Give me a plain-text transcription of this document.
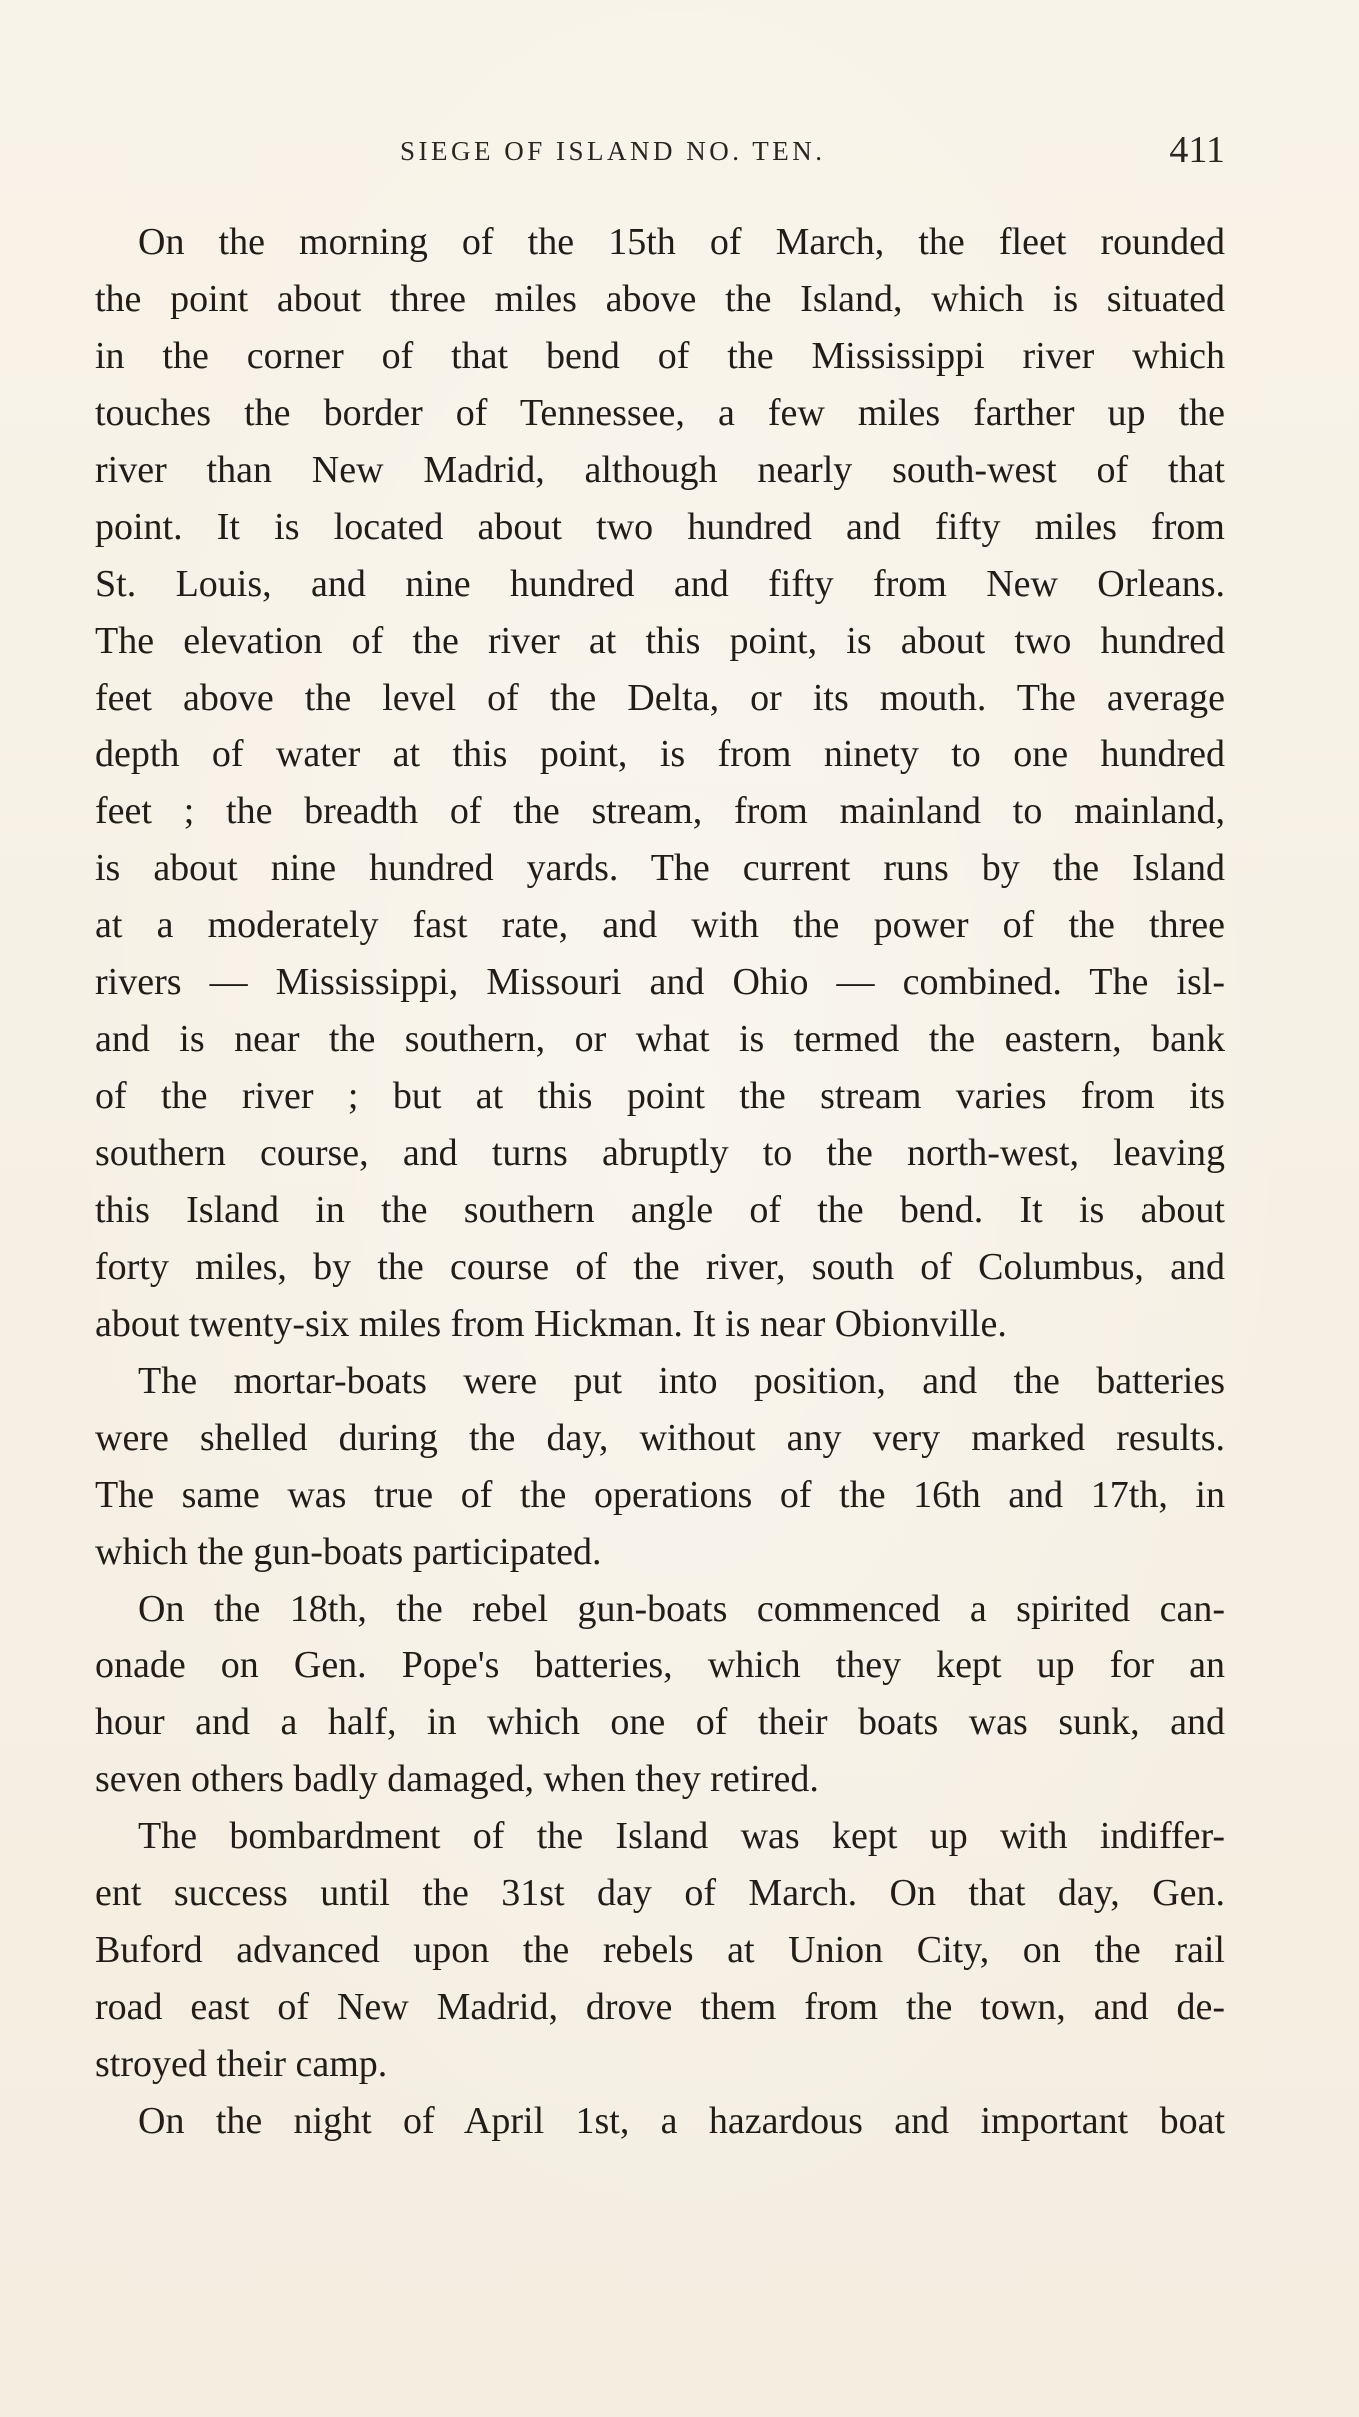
SIEGE OF ISLAND NO. TEN.	411
On the morning of the 15th of March, the fleet rounded
the point about three miles above the Island, which is situated
in the corner of that bend of the Mississippi river which
touches the border of Tennessee, a few miles farther up the
river than New Madrid, although nearly south-west of that
point. It is located about two hundred and fifty miles from
St. Louis, and nine hundred and fifty from New Orleans.
The elevation of the river at this point, is about two hundred
feet above the level of the Delta, or its mouth. The average
depth of water at this point, is from ninety to one hundred
feet ; the breadth of the stream, from mainland to mainland,
is about nine hundred yards. The current runs by the Island
at a moderately fast rate, and with the power of the three
rivers — Mississippi, Missouri and Ohio — combined. The isl-
and is near the southern, or what is termed the eastern, bank
of the river ; but at this point the stream varies from its
southern course, and turns abruptly to the north-west, leaving
this Island in the southern angle of the bend. It is about
forty miles, by the course of the river, south of Columbus, and
about twenty-six miles from Hickman. It is near Obionville.
The mortar-boats were put into position, and the batteries
were shelled during the day, without any very marked results.
The same was true of the operations of the 16th and 17th, in
which the gun-boats participated.
On the 18th, the rebel gun-boats commenced a spirited can-
onade on Gen. Pope's batteries, which they kept up for an
hour and a half, in which one of their boats was sunk, and
seven others badly damaged, when they retired.
The bombardment of the Island was kept up with indiffer-
ent success until the 31st day of March. On that day, Gen.
Buford advanced upon the rebels at Union City, on the rail
road east of New Madrid, drove them from the town, and de-
stroyed their camp.
On the night of April 1st, a hazardous and important boat
